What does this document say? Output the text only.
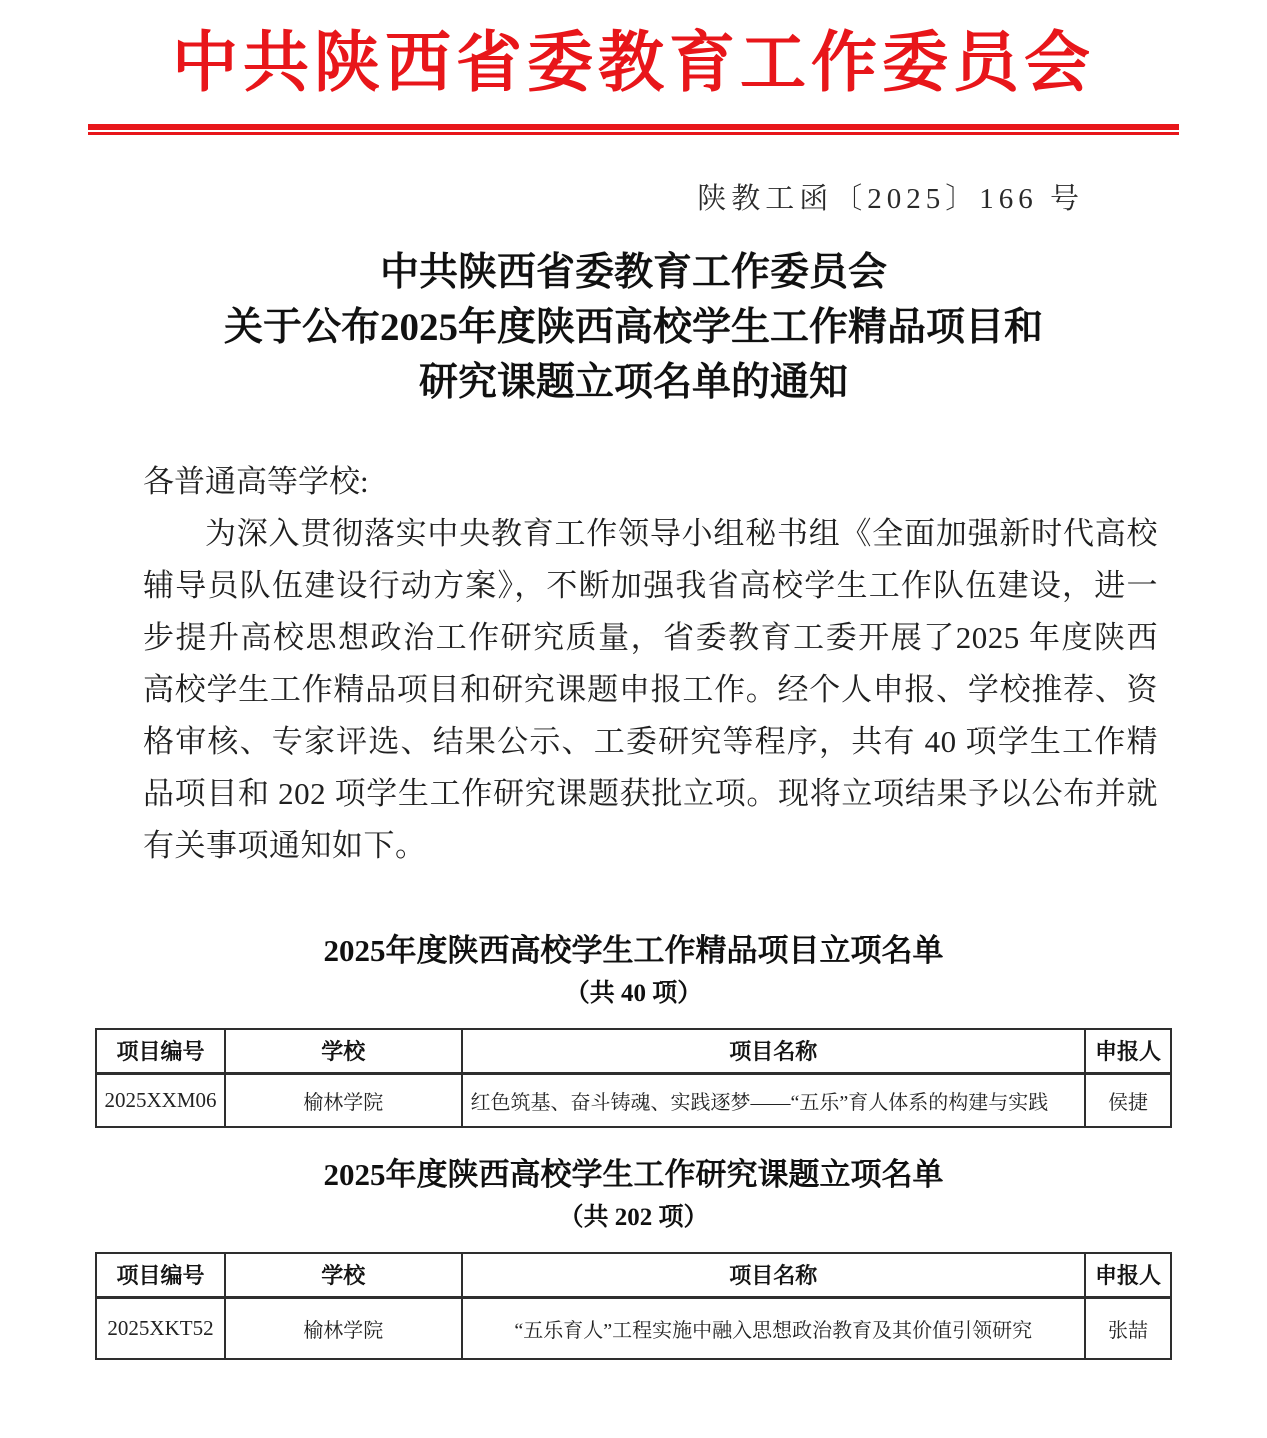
中共陕西省委教育工作委员会
陕教工函〔2025〕166 号
中共陕西省委教育工作委员会
关于公布2025年度陕西高校学生工作精品项目和
研究课题立项名单的通知

各普通高等学校:

为深入贯彻落实中央教育工作领导小组秘书组《全面加强新时代高校辅导员队伍建设行动方案》，不断加强我省高校学生工作队伍建设，进一步提升高校思想政治工作研究质量，省委教育工委开展了2025 年度陕西高校学生工作精品项目和研究课题申报工作。经个人申报、学校推荐、资格审核、专家评选、结果公示、工委研究等程序，共有 40 项学生工作精品项目和 202 项学生工作研究课题获批立项。现将立项结果予以公布并就有关事项通知如下。

2025年度陕西高校学生工作精品项目立项名单
（共 40 项）
项目编号	学校	项目名称	申报人
2025XXM06	榆林学院	红色筑基、奋斗铸魂、实践逐梦——“五乐”育人体系的构建与实践	侯捷
2025年度陕西高校学生工作研究课题立项名单
（共 202 项）
项目编号	学校	项目名称	申报人
2025XKT52	榆林学院	“五乐育人”工程实施中融入思想政治教育及其价值引领研究	张喆
